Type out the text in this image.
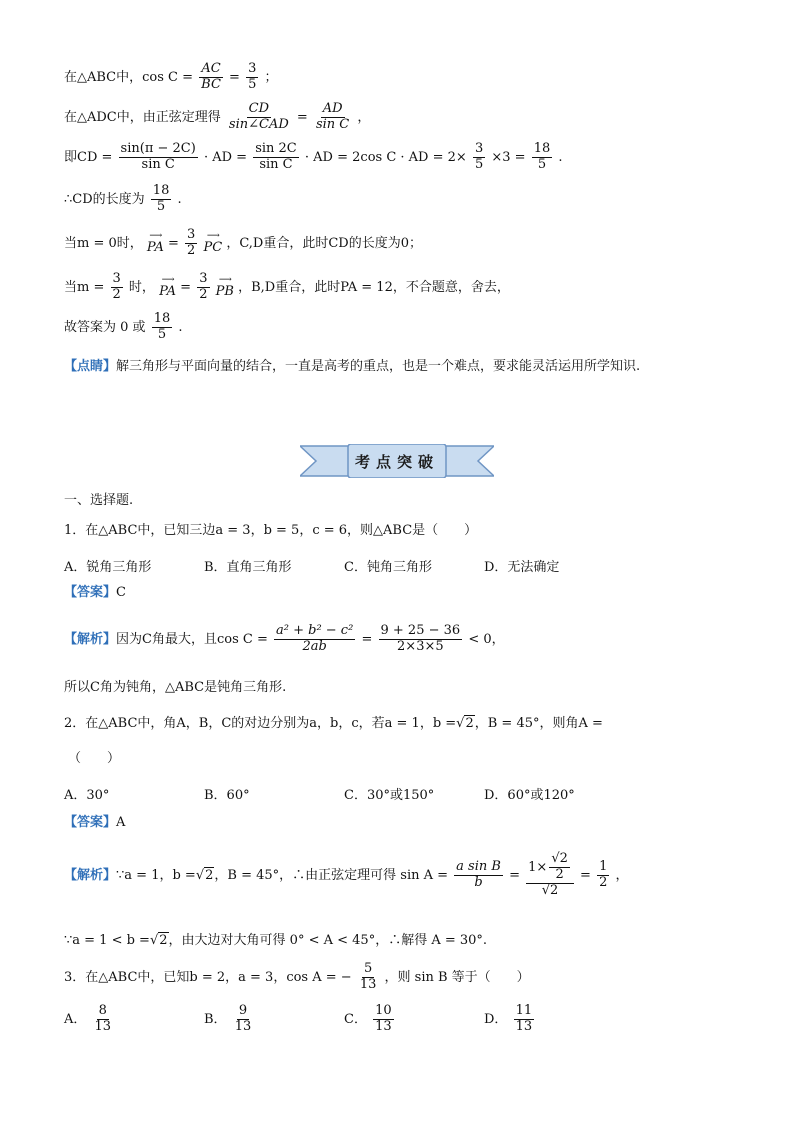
在△ABC中，$\cos C = \frac{AC}{BC} = \frac{3}{5}$ ；
在△ADC中，由正弦定理得 $\frac{CD}{\text{sin∠CAD}} = \frac{AD}{\text{sin C}}$ ，
即CD = $\frac{\sin(\pi - 2C)}{\text{sin C}}$ · AD = $\frac{\sin 2C}{\text{sin C}}$ · AD = 2cos C · AD = $2\times \frac{3}{5} \times 3 = \frac{18}{5}$ .
∴CD的长度为 $\frac{18}{5}$ .
当m = 0时， ⟶
PA = $\frac{3}{2}$
⟶
PC ，C,D重合，此时CD的长度为0；
当$m = \frac{3}{2}$ 时， ⟶
PA = $\frac{3}{2}$
⟶
PB ，B,D重合，此时PA = 12，不合题意，舍去，
故答案为 0 或 $\frac{18}{5}$ .
【点睛】解三角形与平面向量的结合，一直是高考的重点，也是一个难点，要求能灵活运用所学知识.
考点突破
一、选择题.
1．在△ABC中，已知三边a = 3，b = 5，c = 6，则△ABC是（　　）
A．锐角三角形	B．直角三角形	C．钝角三角形	D．无法确定
【答案】C
【解析】因为C角最大，且$\cos C = \frac{\text{a² + b² − c²}}{2ab} = \frac{9 + 25 - 36}{2\times 3\times 5} < 0$，
所以C角为钝角，△ABC是钝角三角形.
2．在△ABC中，角A，B，C的对边分别为a，b，c，若a = 1，b =√2，B = 45°，则角A =
（　　）
A．30°	B．60°	C．30°或150°	D．60°或120°
【答案】A
【解析】∵a = 1，b =√2，B = 45°，∴由正弦定理可得 $\sin A = \frac{\text{a sin B}}{b} = \frac{1\times \frac{√2}{2}}{√2} = \frac{1}{2}$ ，
∵a = 1 < b =√2，由大边对大角可得 0° < A < 45°，∴解得 A = 30°.
3．在△ABC中，已知b = 2，a = 3，cos A = − $\frac{5}{13}$ ，则 sin B 等于（　　）
A． $\frac{8}{13}$	B． $\frac{9}{13}$	C． $\frac{10}{13}$	D． $\frac{11}{13}$
